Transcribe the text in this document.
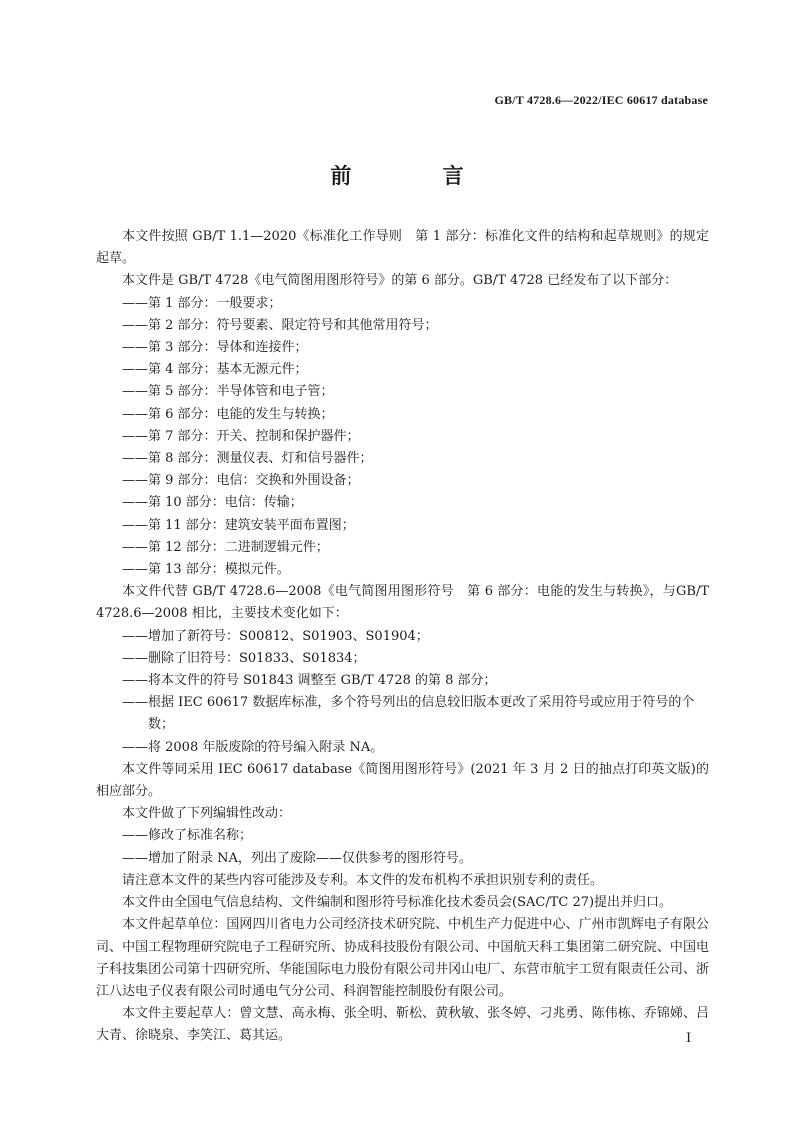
GB/T 4728.6—2022/IEC 60617 database
前 言

本文件按照 GB/T 1.1—2020《标准化工作导则　第 1 部分：标准化文件的结构和起草规则》的规定起草。

本文件是 GB/T 4728《电气简图用图形符号》的第 6 部分。GB/T 4728 已经发布了以下部分：

——第 1 部分：一般要求；

——第 2 部分：符号要素、限定符号和其他常用符号；

——第 3 部分：导体和连接件；

——第 4 部分：基本无源元件；

——第 5 部分：半导体管和电子管；

——第 6 部分：电能的发生与转换；

——第 7 部分：开关、控制和保护器件；

——第 8 部分：测量仪表、灯和信号器件；

——第 9 部分：电信：交换和外围设备；

——第 10 部分：电信：传输；

——第 11 部分：建筑安装平面布置图；

——第 12 部分：二进制逻辑元件；

——第 13 部分：模拟元件。

本文件代替 GB/T 4728.6—2008《电气简图用图形符号　第 6 部分：电能的发生与转换》，与GB/T 4728.6—2008 相比，主要技术变化如下：

——增加了新符号：S00812、S01903、S01904；

——删除了旧符号：S01833、S01834；

——将本文件的符号 S01843 调整至 GB/T 4728 的第 8 部分；

——根据 IEC 60617 数据库标准，多个符号列出的信息较旧版本更改了采用符号或应用于符号的个数；

——将 2008 年版废除的符号编入附录 NA。

本文件等同采用 IEC 60617 database《简图用图形符号》(2021 年 3 月 2 日的抽点打印英文版)的相应部分。

本文件做了下列编辑性改动：

——修改了标准名称；

——增加了附录 NA，列出了废除——仅供参考的图形符号。

请注意本文件的某些内容可能涉及专利。本文件的发布机构不承担识别专利的责任。

本文件由全国电气信息结构、文件编制和图形符号标准化技术委员会(SAC/TC 27)提出并归口。

本文件起草单位：国网四川省电力公司经济技术研究院、中机生产力促进中心、广州市凯辉电子有限公司、中国工程物理研究院电子工程研究所、协成科技股份有限公司、中国航天科工集团第二研究院、中国电子科技集团公司第十四研究所、华能国际电力股份有限公司井冈山电厂、东营市航宇工贸有限责任公司、浙江八达电子仪表有限公司时通电气分公司、科润智能控制股份有限公司。

本文件主要起草人：曾文慧、高永梅、张全明、靳松、黄秋敏、张冬婷、刁兆勇、陈伟栋、乔锦娣、吕大青、徐晓泉、李笑江、葛其运。	I
